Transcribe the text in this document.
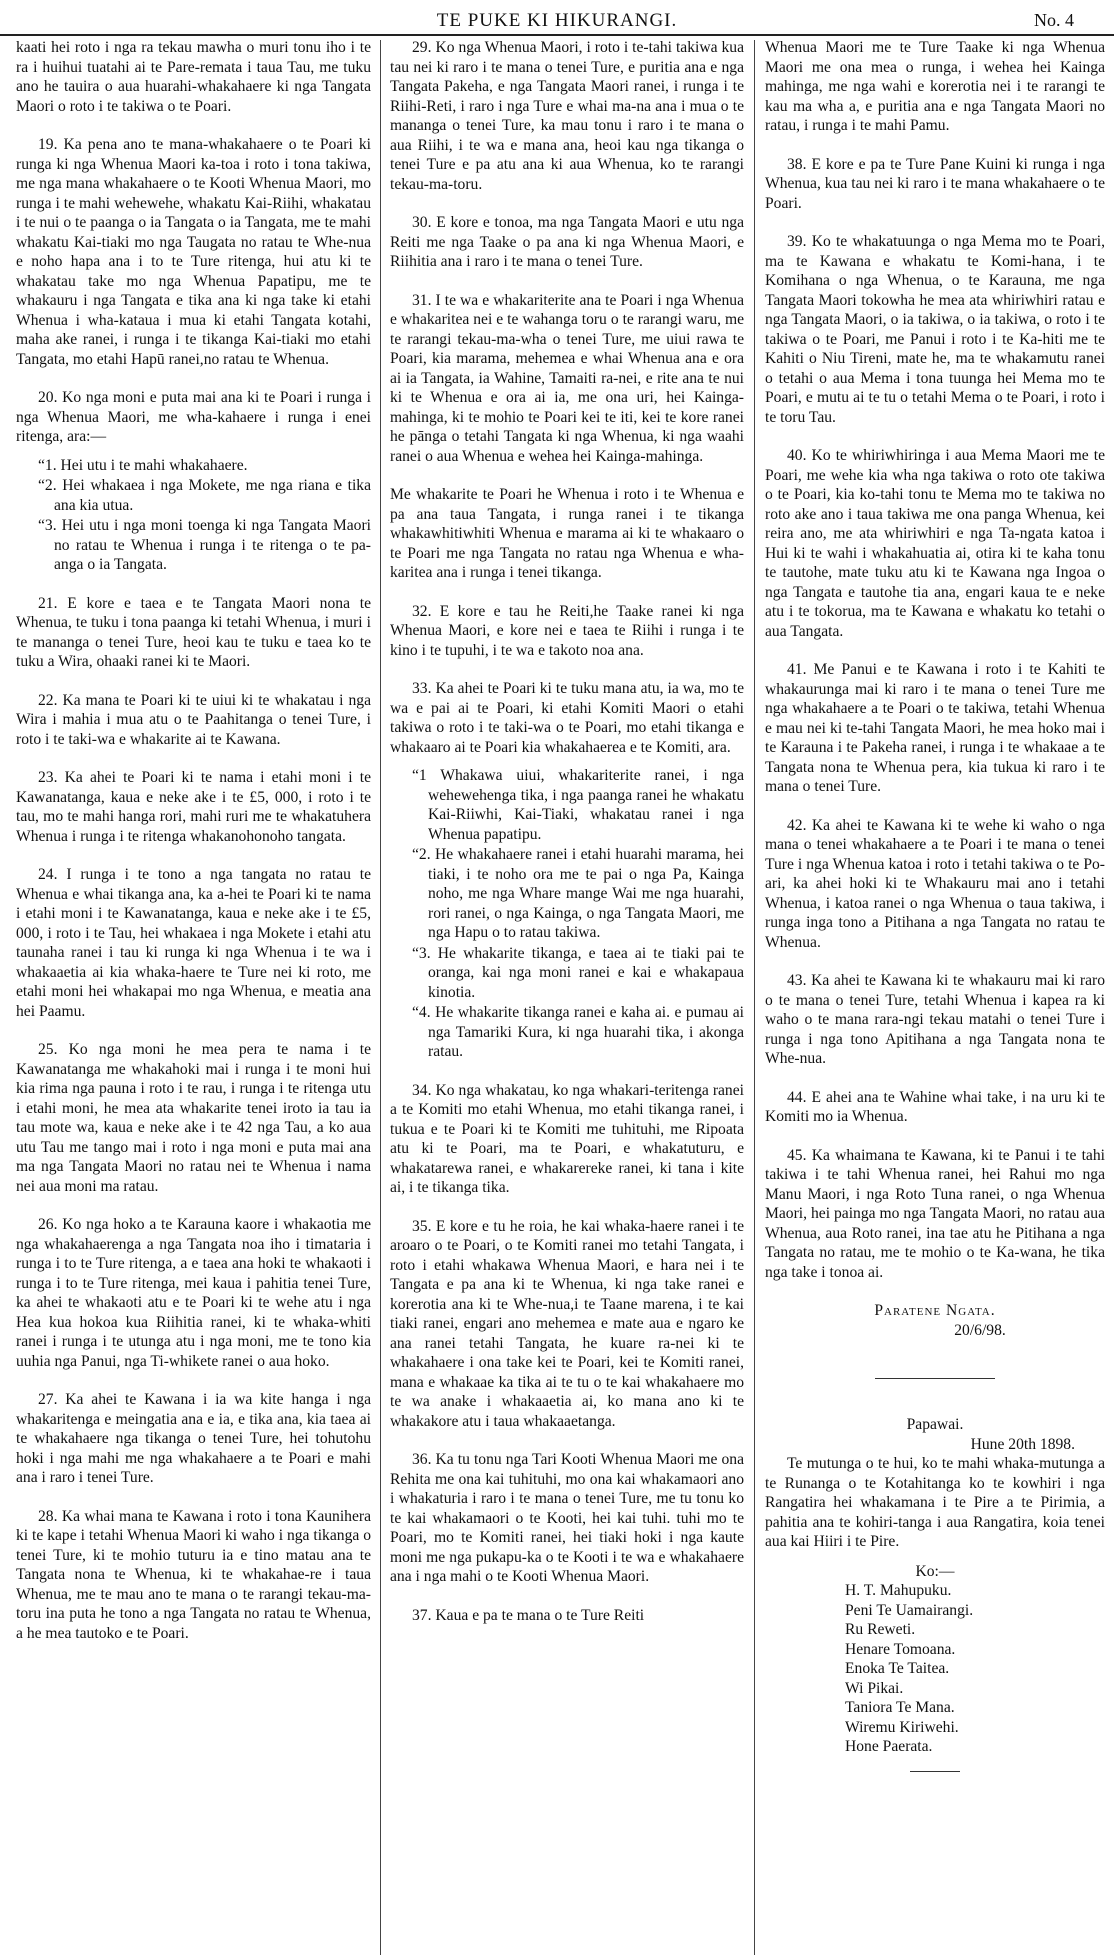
TE PUKE KI HIKURANGI.	No. 4

kaati hei roto i nga ra tekau mawha o muri tonu iho i te ra i huihui tuatahi ai te Pare-remata i taua Tau, me tuku ano he tauira o aua huarahi-whakahaere ki nga Tangata Maori o roto i te takiwa o te Poari.

19. Ka pena ano te mana-whakahaere o te Poari ki runga ki nga Whenua Maori ka-toa i roto i tona takiwa, me nga mana whakahaere o te Kooti Whenua Maori, mo runga i te mahi wehewehe, whakatu Kai-Riihi, whakatau i te nui o te paanga o ia Tangata o ia Tangata, me te mahi whakatu Kai-tiaki mo nga Taugata no ratau te Whe-nua e noho hapa ana i to te Ture ritenga, hui atu ki te whakatau take mo nga Whenua Papatipu, me te whakauru i nga Tangata e tika ana ki nga take ki etahi Whenua i wha-katauа i mua ki etahi Tangata kotahi, maha ake ranei, i runga i te tikanga Kai-tiaki mo etahi Tangata, mo etahi Hapū ranei,no ratau te Whenua.

20. Ko nga moni e puta mai ana ki te Poari i runga i nga Whenua Maori, me wha-kahaere i runga i enei ritenga, ara:—

“1. Hei utu i te mahi whakahaere.
“2. Hei whakaea i nga Mokete, me nga riana e tika ana kia utua.
“3. Hei utu i nga moni toenga ki nga Tangata Maori no ratau te Whenua i runga i te ritenga o te pa-anga o ia Tangata.

21. E kore e taea e te Tangata Maori nona te Whenua, te tuku i tona paanga ki tetahi Whenua, i muri i te mananga o tenei Ture, heoi kau te tuku e taea ko te tuku a Wira, ohaaki ranei ki te Maori.

22. Ka mana te Poari ki te uiui ki te whakatau i nga Wira i mahia i mua atu o te Paahitanga o tenei Ture, i roto i te taki-wa e whakarite ai te Kawana.

23. Ka ahei te Poari ki te nama i etahi moni i te Kawanatanga, kaua e neke ake i te £5, 000, i roto i te tau, mo te mahi hanga rori, mahi ruri me te whakatuhera Whenua i runga i te ritenga whakanohonoho tangata.

24. I runga i te tono a nga tangata no ratau te Whenua e whai tikanga ana, ka a-hei te Poari ki te nama i etahi moni i te Kawanatanga, kaua e neke ake i te £5, 000, i roto i te Tau, hei whakaea i nga Mokete i etahi atu taunaha ranei i tau ki runga ki nga Whenua i te wa i whakaaetia ai kia whaka-haere te Ture nei ki roto, me etahi moni hei whakapai mo nga Whenua, e meatia ana hei Paamu.

25. Ko nga moni he mea pera te nama i te Kawanatanga me whakahoki mai i runga i te moni hui kia rima nga pauna i roto i te rau, i runga i te ritenga utu i etahi moni, he mea ata whakarite tenei iroto ia tau ia tau mote wa, kaua e neke ake i te 42 nga Tau, a ko aua utu Tau me tango mai i roto i nga moni e puta mai ana ma nga Tangata Maori no ratau nei te Whenua i nama nei aua moni ma ratau.

26. Ko nga hoko a te Karauna kaore i whakaotia me nga whakahaerenga a nga Tangata noa iho i timataria i runga i to te Ture ritenga, a e taea ana hoki te whakaoti i runga i to te Ture ritenga, mei kaua i pahitia tenei Ture, ka ahei te whakaoti atu e te Poari ki te wehe atu i nga Hea kua hokoa kua Riihitia ranei, ki te whaka-whiti ranei i runga i te utunga atu i nga moni, me te tono kia uuhia nga Panui, nga Ti-whikete ranei o aua hoko.

27. Ka ahei te Kawana i ia wa kite hanga i nga whakaritenga e meingatia ana e ia, e tika ana, kia taea ai te whakahaere nga tikanga o tenei Ture, hei tohutohu hoki i nga mahi me nga whakahaere a te Poari e mahi ana i raro i tenei Ture.

28. Ka whai mana te Kawana i roto i tona Kaunihera ki te kape i tetahi Whenua Maori ki waho i nga tikanga o tenei Ture, ki te mohio tuturu ia e tino matau ana te Tangata nona te Whenua, ki te whakahae-re i taua Whenua, me te mau ano te mana o te rarangi tekau-ma-toru ina puta he tono a nga Tangata no ratau te Whenua, a he mea tautoko e te Poari.

29. Ko nga Whenua Maori, i roto i te-tahi takiwa kua tau nei ki raro i te mana o tenei Ture, e puritia ana e nga Tangata Pakeha, e nga Tangata Maori ranei, i runga i te Riihi-Reti, i raro i nga Ture e whai ma-na ana i mua o te mananga o tenei Ture, ka mau tonu i raro i te mana o aua Riihi, i te wa e mana ana, heoi kau nga tikanga o tenei Ture e pa atu ana ki aua Whenua, ko te rarangi tekau-ma-toru.

30. E kore e tonoa, ma nga Tangata Maori e utu nga Reiti me nga Taake o pa ana ki nga Whenua Maori, e Riihitia ana i raro i te mana o tenei Ture.

31. I te wa e whakariterite ana te Poari i nga Whenua e whakaritea nei e te wahanga toru o te rarangi waru, me te rarangi tekau-ma-wha o tenei Ture, me uiui rawa te Poari, kia marama, mehemea e whai Whenua ana e ora ai ia Tangata, ia Wahine, Tamaiti ra-nei, e rite ana te nui ki te Whenua e ora ai ia, me ona uri, hei Kainga-mahinga, ki te mohio te Poari kei te iti, kei te kore ranei he pānga o tetahi Tangata ki nga Whenua, ki nga waahi ranei o aua Whenua e wehea hei Kainga-mahinga.

Me whakarite te Poari he Whenua i roto i te Whenua e pa ana taua Tangata, i runga ranei i te tikanga whakawhitiwhiti Whenua e marama ai ki te whakaaro o te Poari me nga Tangata no ratau nga Whenua e wha-karitea ana i runga i tenei tikanga.

32. E kore e tau he Reiti,he Taake ranei ki nga Whenua Maori, e kore nei e taea te Riihi i runga i te kino i te tupuhi, i te wa e takoto noa ana.

33. Ka ahei te Poari ki te tuku mana atu, ia wa, mo te wa e pai ai te Poari, ki etahi Komiti Maori o etahi takiwa o roto i te taki-wa o te Poari, mo etahi tikanga e whakaaro ai te Poari kia whakahaerea e te Komiti, ara.

“1 Whakawa uiui, whakariterite ranei, i nga wehewehenga tika, i nga paanga ranei he whakatu Kai-Riiwhi, Kai-Tiaki, whakatau ranei i nga Whenua papatipu.
“2. He whakahaere ranei i etahi huarahi marama, hei tiaki, i te noho ora me te pai o nga Pa, Kainga noho, me nga Whare mange Wai me nga huarahi, rori ranei, o nga Kainga, o nga Tangata Maori, me nga Hapu o to ratau takiwa.
“3. He whakarite tikanga, e taea ai te tiaki pai te oranga, kai nga moni ranei e kai e whakapaua kinotia.
“4. He whakarite tikanga ranei e kaha ai. e pumau ai nga Tamariki Kura, ki nga huarahi tika, i akonga ratau.

34. Ko nga whakatau, ko nga whakari-teritenga ranei a te Komiti mo etahi Whenua, mo etahi tikanga ranei, i tukua e te Poari ki te Komiti me tuhituhi, me Ripoata atu ki te Poari, ma te Poari, e whakatuturu, e whakatarewa ranei, e whakarereke ranei, ki tana i kite ai, i te tikanga tika.

35. E kore e tu he roia, he kai whaka-haere ranei i te aroaro o te Poari, o te Komiti ranei mo tetahi Tangata, i roto i etahi whakawa Whenua Maori, e hara nei i te Tangata e pa ana ki te Whenua, ki nga take ranei e korerotia ana ki te Whe-nua,i te Taane marena, i te kai tiaki ranei, engari ano mehemea e mate aua e ngaro ke ana ranei tetahi Tangata, he kuare ra-nei ki te whakahaere i ona take kei te Poari, kei te Komiti ranei, mana e whakaae ka tika ai te tu o te kai whakahaere mo te wa anake i whakaaetia ai, ko mana ano ki te whakakore atu i taua whakaaetanga.

36. Ka tu tonu nga Tari Kooti Whenua Maori me ona Rehita me ona kai tuhituhi, mo ona kai whakamaori ano i whakaturia i raro i te mana o tenei Ture, me tu tonu ko te kai whakamaori o te Kooti, hei kai tuhi. tuhi mo te Poari, mo te Komiti ranei, hei tiaki hoki i nga kaute moni me nga pukapu-ka o te Kooti i te wa e whakahaere ana i nga mahi o te Kooti Whenua Maori.

37. Kaua e pa te mana o te Ture Reiti

Whenua Maori me te Ture Taake ki nga Whenua Maori me ona mea o runga, i wehea hei Kainga mahinga, me nga wahi e korerotia nei i te rarangi te kau ma wha a, e puritia ana e nga Tangata Maori no ratau, i runga i te mahi Pamu.

38. E kore e pa te Ture Pane Kuini ki runga i nga Whenua, kua tau nei ki raro i te mana whakahaere o te Poari.

39. Ko te whakatuunga o nga Mema mo te Poari, ma te Kawana e whakatu te Komi-hana, i te Komihana o nga Whenua, o te Karauna, me nga Tangata Maori tokowha he mea ata whiriwhiri ratau e nga Tangata Maori, o ia takiwa, o ia takiwa, o roto i te takiwa o te Poari, me Panui i roto i te Ka-hiti me te Kahiti o Niu Tireni, mate he, ma te whakamutu ranei o tetahi o aua Mema i tona tuunga hei Mema mo te Poari, e mutu ai te tu o tetahi Mema o te Poari, i roto i te toru Tau.

40. Ko te whiriwhiringa i aua Mema Maori me te Poari, me wehe kia wha nga takiwa o roto ote takiwa o te Poari, kia ko-tahi tonu te Mema mo te takiwa no roto ake ano i taua takiwa me ona panga Whenua, kei reira ano, me ata whiriwhiri e nga Ta-ngata katoa i Hui ki te wahi i whakahuatia ai, otira ki te kaha tonu te tautohe, mate tuku atu ki te Kawana nga Ingoa o nga Tangata e tautohe tia ana, engari kaua te e neke atu i te tokorua, ma te Kawana e whakatu ko tetahi o aua Tangata.

41. Me Panui e te Kawana i roto i te Kahiti te whakaurunga mai ki raro i te mana o tenei Ture me nga whakahaere a te Poari o te takiwa, tetahi Whenua e mau nei ki te-tahi Tangata Maori, he mea hoko mai i te Karauna i te Pakeha ranei, i runga i te whakaae a te Tangata nona te Whenua pera, kia tukua ki raro i te mana o tenei Ture.

42. Ka ahei te Kawana ki te wehe ki waho o nga mana o tenei whakahaere a te Poari i te mana o tenei Ture i nga Whenua katoa i roto i tetahi takiwa o te Po-ari, ka ahei hoki ki te Whakauru mai ano i tetahi Whenua, i katoa ranei o nga Whenua o taua takiwa, i runga inga tono a Pitihana a nga Tangata no ratau te Whenua.

43. Ka ahei te Kawana ki te whakauru mai ki raro o te mana o tenei Ture, tetahi Whenua i kapea ra ki waho o te mana rara-ngi tekau matahi o tenei Ture i runga i nga tono Apitihana a nga Tangata nona te Whe-nua.

44. E ahei ana te Wahine whai take, i na uru ki te Komiti mo ia Whenua.

45. Ka whaimana te Kawana, ki te Panui i te tahi takiwa i te tahi Whenua ranei, hei Rahui mo nga Manu Maori, i nga Roto Tuna ranei, o nga Whenua Maori, hei painga mo nga Tangata Maori, no ratau aua Whenua, aua Roto ranei, ina tae atu he Pitihana a nga Tangata no ratau, me te mohio o te Ka-wana, he tika nga take i tonoa ai.

Paratene Ngata.
20/6/98.

Papawai.

Hune 20th 1898.

Te mutunga o te hui, ko te mahi whaka-mutunga a te Runanga o te Kotahitanga ko te kowhiri i nga Rangatira hei whakamana i te Pire a te Pirimia, a pahitia ana te kohiri-tanga i aua Rangatira, koia tenei aua kai Hiiri i te Pire.

Ko:—

H. T. Mahupuku.
Peni Te Uamairangi.
Ru Reweti.
Henare Tomoana.
Enoka Te Taitea.
Wi Pikai.
Taniora Te Mana.
Wiremu Kiriwehi.
Hone Paerata.
